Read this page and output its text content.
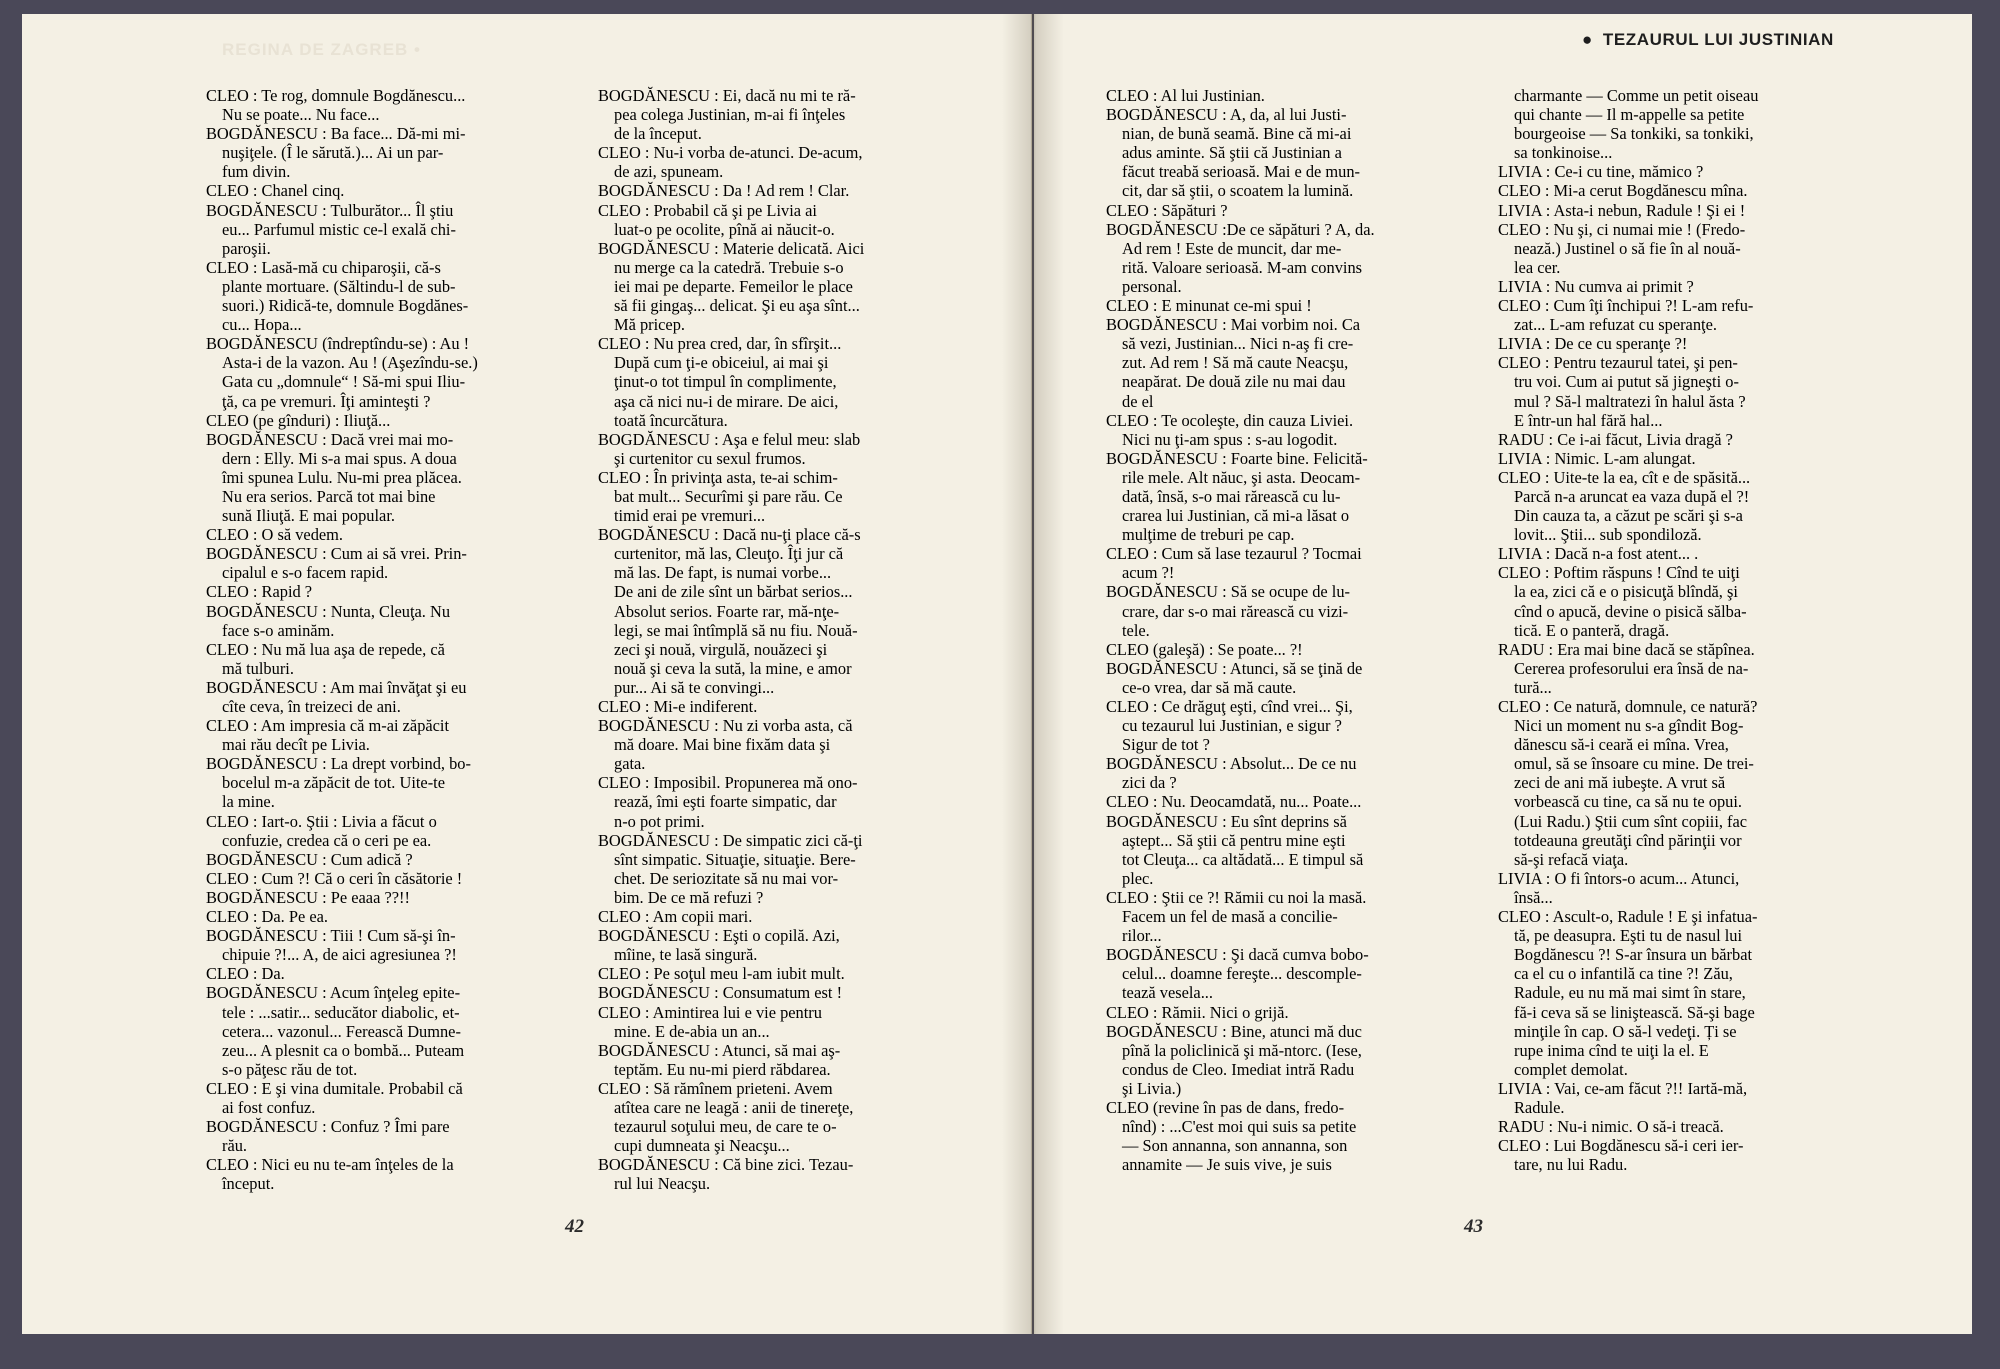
REGINA DE ZAGREB •
● TEZAURUL LUI JUSTINIAN
CLEO : Te rog, domnule Bogdănescu...
Nu se poate... Nu face...
BOGDĂNESCU : Ba face... Dă-mi mi-
nuşiţele. (Î le sărută.)... Ai un par-
fum divin.
CLEO : Chanel cinq.
BOGDĂNESCU : Tulburător... Îl ştiu
eu... Parfumul mistic ce-l exală chi-
paroşii.
CLEO : Lasă-mă cu chiparoşii, că-s
plante mortuare. (Săltindu-l de sub-
suori.) Ridică-te, domnule Bogdănes-
cu... Hopa...
BOGDĂNESCU (îndreptîndu-se) : Au !
Asta-i de la vazon. Au ! (Aşezîndu-se.)
Gata cu „domnule“ ! Să-mi spui Iliu-
ţă, ca pe vremuri. Îţi aminteşti ?
CLEO (pe gînduri) : Iliuţă...
BOGDĂNESCU : Dacă vrei mai mo-
dern : Elly. Mi s-a mai spus. A doua
îmi spunea Lulu. Nu-mi prea plăcea.
Nu era serios. Parcă tot mai bine
sună Iliuţă. E mai popular.
CLEO : O să vedem.
BOGDĂNESCU : Cum ai să vrei. Prin-
cipalul e s-o facem rapid.
CLEO : Rapid ?
BOGDĂNESCU : Nunta, Cleuţa. Nu
face s-o aminăm.
CLEO : Nu mă lua aşa de repede, că
mă tulburi.
BOGDĂNESCU : Am mai învăţat şi eu
cîte ceva, în treizeci de ani.
CLEO : Am impresia că m-ai zăpăcit
mai rău decît pe Livia.
BOGDĂNESCU : La drept vorbind, bo-
bocelul m-a zăpăcit de tot. Uite-te
la mine.
CLEO : Iart-o. Ştii : Livia a făcut o
confuzie, credea că o ceri pe ea.
BOGDĂNESCU : Cum adică ?
CLEO : Cum ?! Că o ceri în căsătorie !
BOGDĂNESCU : Pe eaaa ??!!
CLEO : Da. Pe ea.
BOGDĂNESCU : Tiii ! Cum să-şi în-
chipuie ?!... A, de aici agresiunea ?!
CLEO : Da.
BOGDĂNESCU : Acum înţeleg epite-
tele : ...satir... seducător diabolic, et-
cetera... vazonul... Ferească Dumne-
zeu... A plesnit ca o bombă... Puteam
s-o păţesc rău de tot.
CLEO : E şi vina dumitale. Probabil că
ai fost confuz.
BOGDĂNESCU : Confuz ? Îmi pare
rău.
CLEO : Nici eu nu te-am înţeles de la
început.
BOGDĂNESCU : Ei, dacă nu mi te ră-
pea colega Justinian, m-ai fi înţeles
de la început.
CLEO : Nu-i vorba de-atunci. De-acum,
de azi, spuneam.
BOGDĂNESCU : Da ! Ad rem ! Clar.
CLEO : Probabil că şi pe Livia ai
luat-o pe ocolite, pînă ai năucit-o.
BOGDĂNESCU : Materie delicată. Aici
nu merge ca la catedră. Trebuie s-o
iei mai pe departe. Femeilor le place
să fii gingaş... delicat. Şi eu aşa sînt...
Mă pricep.
CLEO : Nu prea cred, dar, în sfîrşit...
După cum ţi-e obiceiul, ai mai şi
ţinut-o tot timpul în complimente,
aşa că nici nu-i de mirare. De aici,
toată încurcătura.
BOGDĂNESCU : Aşa e felul meu: slab
şi curtenitor cu sexul frumos.
CLEO : În privinţa asta, te-ai schim-
bat mult... Securîmi şi pare rău. Ce
timid erai pe vremuri...
BOGDĂNESCU : Dacă nu-ţi place că-s
curtenitor, mă las, Cleuţo. Îţi jur că
mă las. De fapt, is numai vorbe...
De ani de zile sînt un bărbat serios...
Absolut serios. Foarte rar, mă-nţe-
legi, se mai întîmplă să nu fiu. Nouă-
zeci şi nouă, virgulă, nouăzeci şi
nouă şi ceva la sută, la mine, e amor
pur... Ai să te convingi...
CLEO : Mi-e indiferent.
BOGDĂNESCU : Nu zi vorba asta, că
mă doare. Mai bine fixăm data şi
gata.
CLEO : Imposibil. Propunerea mă ono-
rează, îmi eşti foarte simpatic, dar
n-o pot primi.
BOGDĂNESCU : De simpatic zici că-ţi
sînt simpatic. Situaţie, situaţie. Bere-
chet. De seriozitate să nu mai vor-
bim. De ce mă refuzi ?
CLEO : Am copii mari.
BOGDĂNESCU : Eşti o copilă. Azi,
mîine, te lasă singură.
CLEO : Pe soţul meu l-am iubit mult.
BOGDĂNESCU : Consumatum est !
CLEO : Amintirea lui e vie pentru
mine. E de-abia un an...
BOGDĂNESCU : Atunci, să mai aş-
teptăm. Eu nu-mi pierd răbdarea.
CLEO : Să rămînem prieteni. Avem
atîtea care ne leagă : anii de tinereţe,
tezaurul soţului meu, de care te o-
cupi dumneata şi Neacşu...
BOGDĂNESCU : Că bine zici. Tezau-
rul lui Neacşu.
CLEO : Al lui Justinian.
BOGDĂNESCU : A, da, al lui Justi-
nian, de bună seamă. Bine că mi-ai
adus aminte. Să ştii că Justinian a
făcut treabă serioasă. Mai e de mun-
cit, dar să ştii, o scoatem la lumină.
CLEO : Săpături ?
BOGDĂNESCU :De ce săpături ? A, da.
Ad rem ! Este de muncit, dar me-
rită. Valoare serioasă. M-am convins
personal.
CLEO : E minunat ce-mi spui !
BOGDĂNESCU : Mai vorbim noi. Ca
să vezi, Justinian... Nici n-aş fi cre-
zut. Ad rem ! Să mă caute Neacşu,
neapărat. De două zile nu mai dau
de el
CLEO : Te ocoleşte, din cauza Liviei.
Nici nu ţi-am spus : s-au logodit.
BOGDĂNESCU : Foarte bine. Felicită-
rile mele. Alt năuc, şi asta. Deocam-
dată, însă, s-o mai rărească cu lu-
crarea lui Justinian, că mi-a lăsat o
mulţime de treburi pe cap.
CLEO : Cum să lase tezaurul ? Tocmai
acum ?!
BOGDĂNESCU : Să se ocupe de lu-
crare, dar s-o mai rărească cu vizi-
tele.
CLEO (galeşă) : Se poate... ?!
BOGDĂNESCU : Atunci, să se ţină de
ce-o vrea, dar să mă caute.
CLEO : Ce drăguţ eşti, cînd vrei... Şi,
cu tezaurul lui Justinian, e sigur ?
Sigur de tot ?
BOGDĂNESCU : Absolut... De ce nu
zici da ?
CLEO : Nu. Deocamdată, nu... Poate...
BOGDĂNESCU : Eu sînt deprins să
aştept... Să ştii că pentru mine eşti
tot Cleuţa... ca altădată... E timpul să
plec.
CLEO : Ştii ce ?! Rămii cu noi la masă.
Facem un fel de masă a concilie-
rilor...
BOGDĂNESCU : Şi dacă cumva bobo-
celul... doamne fereşte... descomple-
tează vesela...
CLEO : Rămii. Nici o grijă.
BOGDĂNESCU : Bine, atunci mă duc
pînă la policlinică şi mă-ntorc. (Iese,
condus de Cleo. Imediat intră Radu
şi Livia.)
CLEO (revine în pas de dans, fredo-
nînd) : ...C'est moi qui suis sa petite
— Son annanna, son annanna, son
annamite — Je suis vive, je suis
charmante — Comme un petit oiseau
qui chante — Il m-appelle sa petite
bourgeoise — Sa tonkiki, sa tonkiki,
sa tonkinoise...
LIVIA : Ce-i cu tine, mămico ?
CLEO : Mi-a cerut Bogdănescu mîna.
LIVIA : Asta-i nebun, Radule ! Şi ei !
CLEO : Nu şi, ci numai mie ! (Fredo-
nează.) Justinel o să fie în al nouă-
lea cer.
LIVIA : Nu cumva ai primit ?
CLEO : Cum îţi închipui ?! L-am refu-
zat... L-am refuzat cu speranţe.
LIVIA : De ce cu speranţe ?!
CLEO : Pentru tezaurul tatei, şi pen-
tru voi. Cum ai putut să jigneşti o-
mul ? Să-l maltratezi în halul ăsta ?
E într-un hal fără hal...
RADU : Ce i-ai făcut, Livia dragă ?
LIVIA : Nimic. L-am alungat.
CLEO : Uite-te la ea, cît e de spăsită...
Parcă n-a aruncat ea vaza după el ?!
Din cauza ta, a căzut pe scări şi s-a
lovit... Ştii... sub spondiloză.
LIVIA : Dacă n-a fost atent... .
CLEO : Poftim răspuns ! Cînd te uiţi
la ea, zici că e o pisicuţă blîndă, şi
cînd o apucă, devine o pisică sălba-
tică. E o panteră, dragă.
RADU : Era mai bine dacă se stăpînea.
Cererea profesorului era însă de na-
tură...
CLEO : Ce natură, domnule, ce natură?
Nici un moment nu s-a gîndit Bog-
dănescu să-i ceară ei mîna. Vrea,
omul, să se însoare cu mine. De trei-
zeci de ani mă iubeşte. A vrut să
vorbească cu tine, ca să nu te opui.
(Lui Radu.) Ştii cum sînt copiii, fac
totdeauna greutăţi cînd părinţii vor
să-şi refacă viaţa.
LIVIA : O fi întors-o acum... Atunci,
însă...
CLEO : Ascult-o, Radule ! E şi infatua-
tă, pe deasupra. Eşti tu de nasul lui
Bogdănescu ?! S-ar însura un bărbat
ca el cu o infantilă ca tine ?! Zău,
Radule, eu nu mă mai simt în stare,
fă-i ceva să se liniştească. Să-şi bage
minţile în cap. O să-l vedeţi. Ți se
rupe inima cînd te uiţi la el. E
complet demolat.
LIVIA : Vai, ce-am făcut ?!! Iartă-mă,
Radule.
RADU : Nu-i nimic. O să-i treacă.
CLEO : Lui Bogdănescu să-i ceri ier-
tare, nu lui Radu.
42	43
